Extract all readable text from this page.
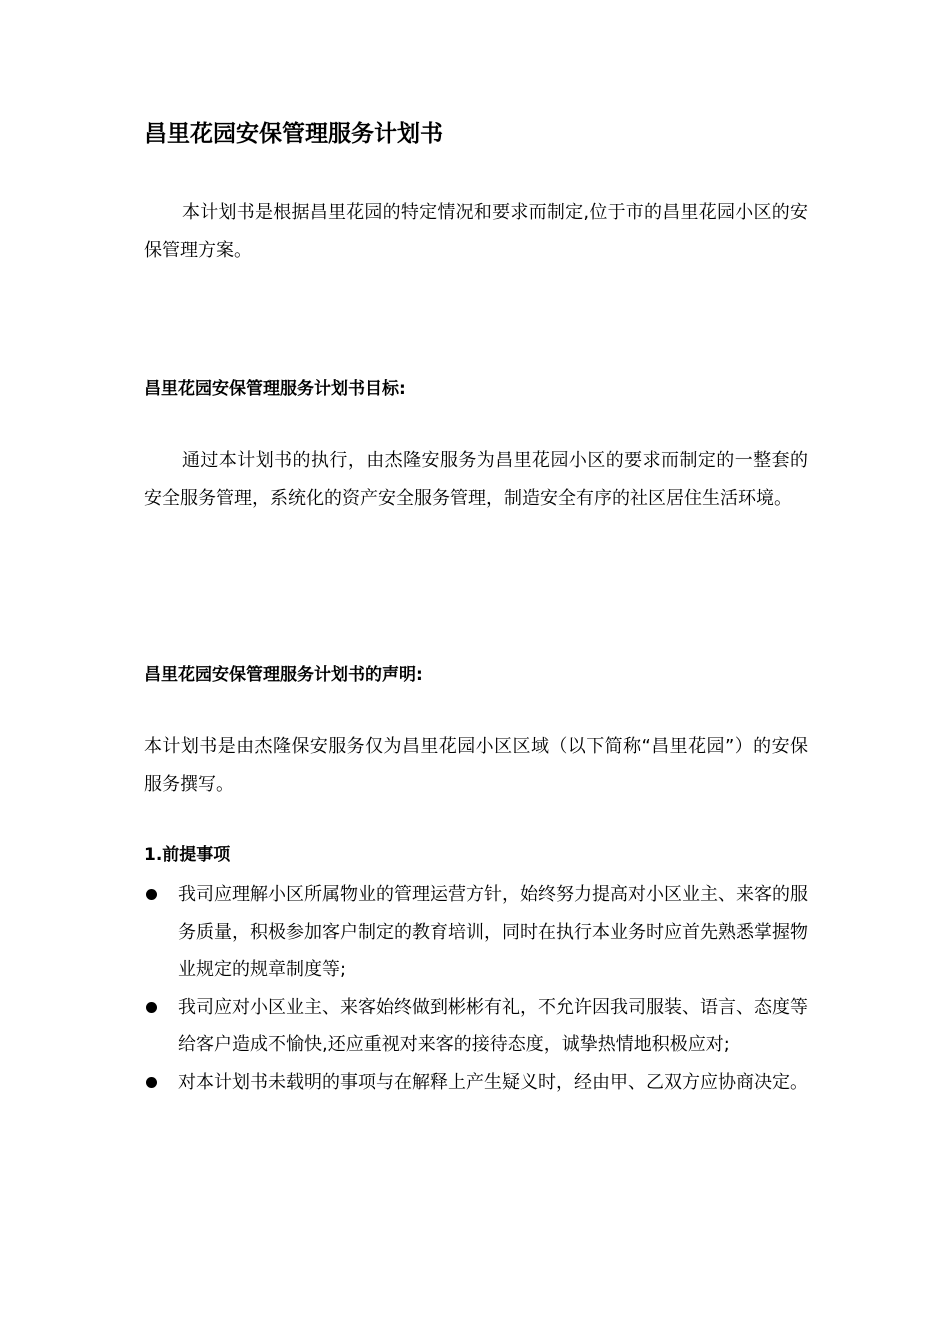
昌里花园安保管理服务计划书

本计划书是根据昌里花园的特定情况和要求而制定,位于市的昌里花园小区的安保管理方案。

昌里花园安保管理服务计划书目标:

通过本计划书的执行，由杰隆安服务为昌里花园小区的要求而制定的一整套的安全服务管理，系统化的资产安全服务管理，制造安全有序的社区居住生活环境。

昌里花园安保管理服务计划书的声明:

本计划书是由杰隆保安服务仅为昌里花园小区区域（以下简称“昌里花园”）的安保服务撰写。

1.前提事项
我司应理解小区所属物业的管理运营方针，始终努力提高对小区业主、来客的服务质量，积极参加客户制定的教育培训，同时在执行本业务时应首先熟悉掌握物业规定的规章制度等;
我司应对小区业主、来客始终做到彬彬有礼，不允许因我司服装、语言、态度等给客户造成不愉快,还应重视对来客的接待态度，诚挚热情地积极应对;
对本计划书未载明的事项与在解释上产生疑义时，经由甲、乙双方应协商决定。
